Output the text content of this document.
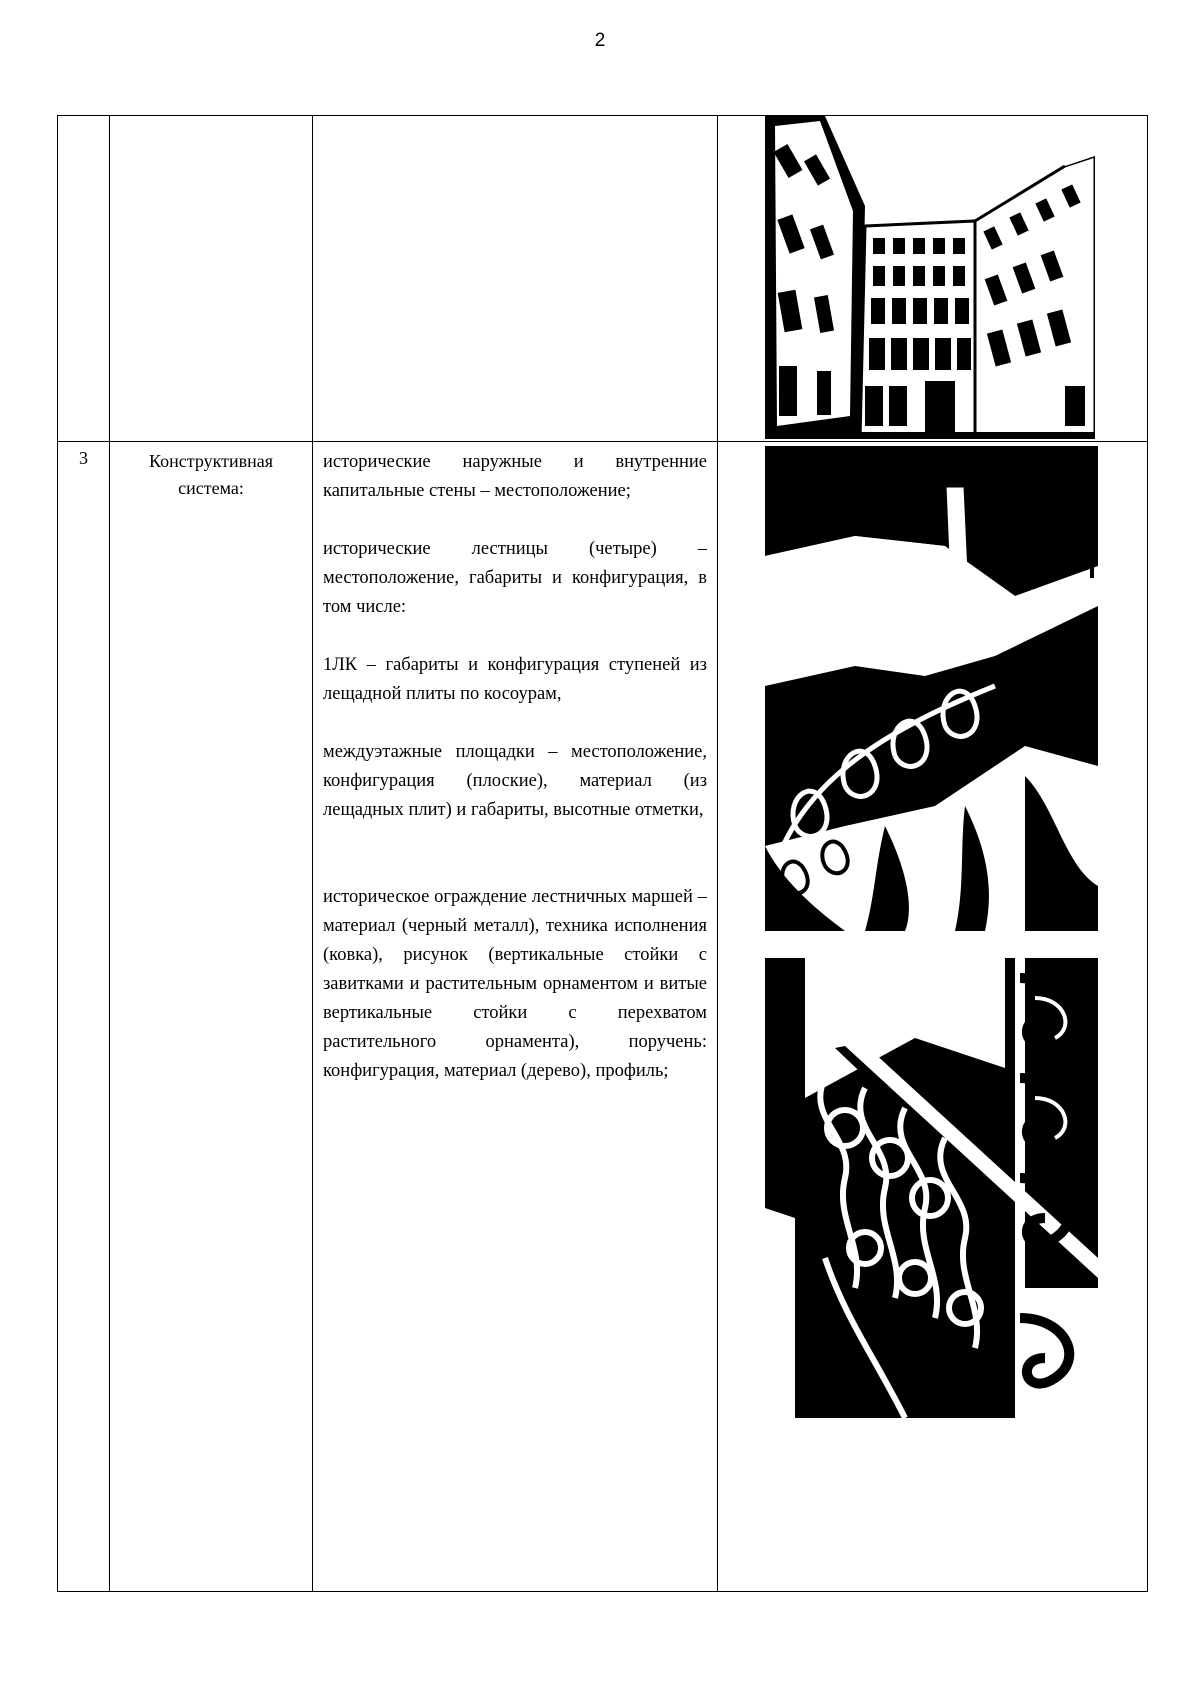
2

3	Конструктивная система:	исторические наружные и внутренние капитальные стены – местоположение;

исторические лестницы (четыре) – местоположение, габариты и конфигурация, в том числе:

1ЛК – габариты и конфигурация ступеней из лещадной плиты по косоурам,

междуэтажные площадки – местоположение, конфигурация (плоские), материал (из лещадных плит) и габариты, высотные отметки,

историческое ограждение лестничных маршей – материал (черный металл), техника исполнения (ковка), рисунок (вертикальные стойки с завитками и растительным орнаментом и витые вертикальные стойки с перехватом растительного орнамента), поручень: конфигурация, материал (дерево), профиль;
